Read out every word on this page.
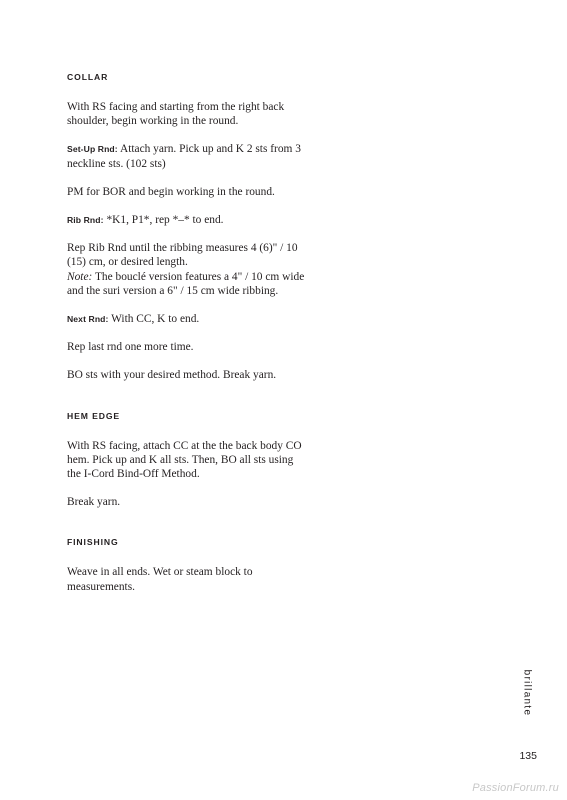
COLLAR

With RS facing and starting from the right back shoulder, begin working in the round.

Set-Up Rnd: Attach yarn. Pick up and K 2 sts from 3 neckline sts. (102 sts)

PM for BOR and begin working in the round.

Rib Rnd: *K1, P1*, rep *–* to end.

Rep Rib Rnd until the ribbing measures 4 (6)" / 10 (15) cm, or desired length.
Note: The bouclé version features a 4" / 10 cm wide and the suri version a 6" / 15 cm wide ribbing.

Next Rnd: With CC, K to end.

Rep last rnd one more time.

BO sts with your desired method. Break yarn.

HEM EDGE

With RS facing, attach CC at the the back body CO hem. Pick up and K all sts. Then, BO all sts using the I-Cord Bind-Off Method.

Break yarn.

FINISHING

Weave in all ends. Wet or steam block to measurements.

brillante
135
PassionForum.ru
